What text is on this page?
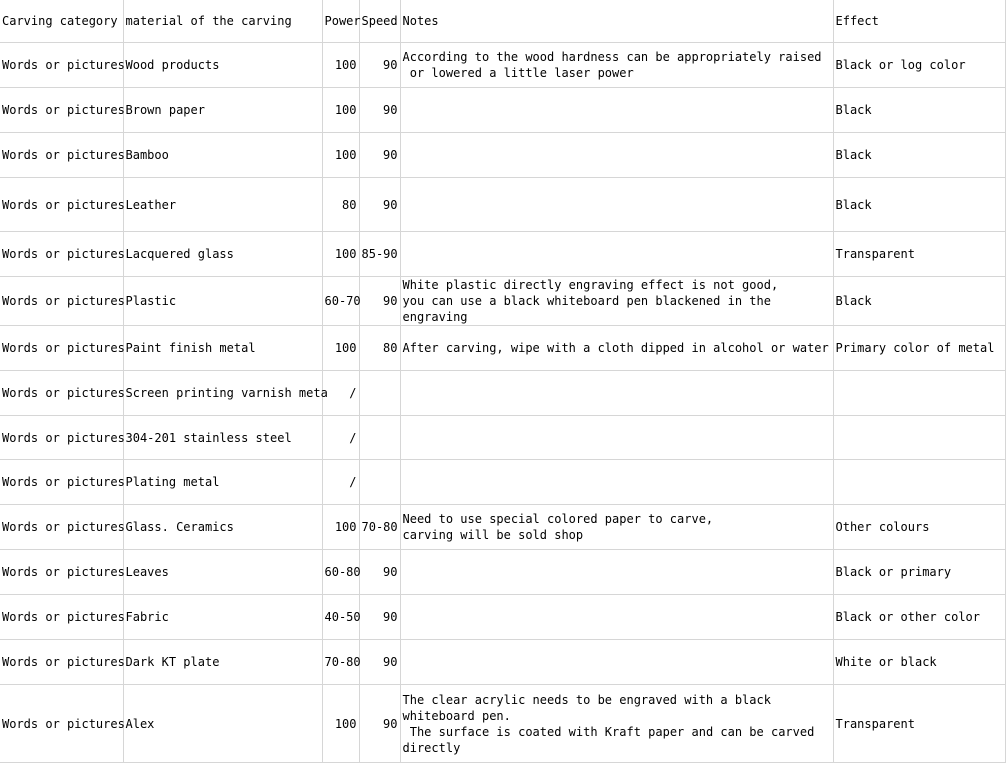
Carving category	material of the carving	Power	Speed	Notes	Effect
Words or pictures	Wood products	100	90	According to the wood hardness can be appropriately raised
or lowered a little laser power	Black or log color
Words or pictures	Brown paper	100	90		Black
Words or pictures	Bamboo	100	90		Black
Words or pictures	Leather	80	90		Black
Words or pictures	Lacquered glass	100	85-90		Transparent
Words or pictures	Plastic	60-70	90	White plastic directly engraving effect is not good,
you can use a black whiteboard pen blackened in the engraving	Black
Words or pictures	Paint finish metal	100	80	After carving, wipe with a cloth dipped in alcohol or water	Primary color of metal
Words or pictures	Screen printing varnish meta	/			
Words or pictures	304-201 stainless steel	/			
Words or pictures	Plating metal	/			
Words or pictures	Glass. Ceramics	100	70-80	Need to use special colored paper to carve,
carving will be sold shop	Other colours
Words or pictures	Leaves	60-80	90		Black or primary
Words or pictures	Fabric	40-50	90		Black or other color
Words or pictures	Dark KT plate	70-80	90		White or black
Words or pictures	Alex	100	90	The clear acrylic needs to be engraved with a black
whiteboard pen.
The surface is coated with Kraft paper and can be carved
directly	Transparent
